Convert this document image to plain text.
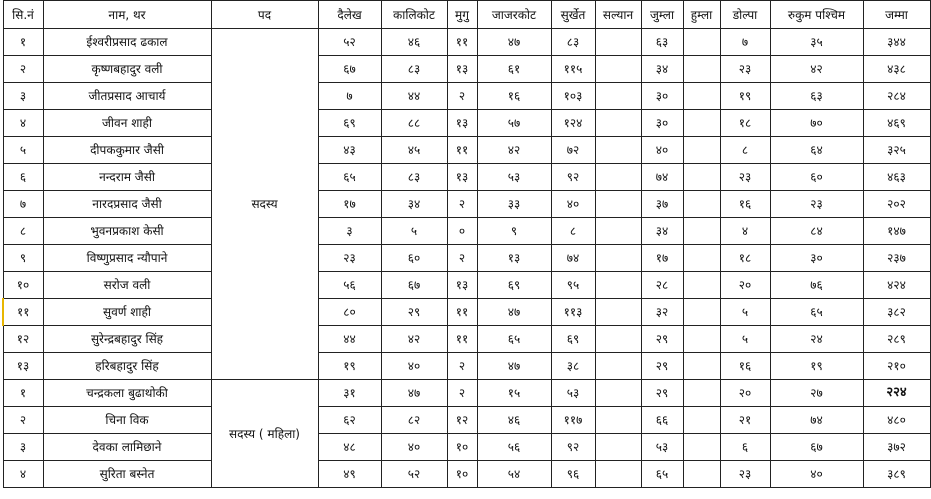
सि.नं	नाम, थर	पद	दैलेख	कालिकोट	मुगु	जाजरकोट	सुर्खेत	सल्यान	जुम्ला	हुम्ला	डोल्पा	रुकुम पश्चिम	जम्मा
१	ईश्वरीप्रसाद ढकाल	सदस्य	५२	४६	११	४७	८३		६३		७	३५	३४४
२	कृष्णबहादुर वली		६७	८३	१३	६१	११५		३४		२३	४२	४३८
३	जीतप्रसाद आचार्य		७	४४	२	१६	१०३		३०		१९	६३	२८४
४	जीवन शाही		६९	८८	१३	५७	१२४		३०		१८	७०	४६९
५	दीपककुमार जैसी		४३	४५	११	४२	७२		४०		८	६४	३२५
६	नन्दराम जैसी		६५	८३	१३	५३	९२		७४		२३	६०	४६३
७	नारदप्रसाद जैसी		१७	३४	२	३३	४०		३७		१६	२३	२०२
८	भुवनप्रकाश केसी		३	५	०	९	८		३४		४	८४	१४७
९	विष्णुप्रसाद न्यौपाने		२३	६०	२	१३	७४		१७		१८	३०	२३७
१०	सरोज वली		५६	६७	१३	६९	९५		२८		२०	७६	४२४
११	सुवर्ण शाही		८०	२९	११	४७	११३		३२		५	६५	३८२
१२	सुरेन्द्रबहादुर सिंह		४४	४२	११	६५	६९		२९		५	२४	२८९
१३	हरिबहादुर सिंह		१९	४०	२	४७	३८		२९		१६	१९	२१०
१	चन्द्रकला बुढाथोकी	सदस्य ( महिला)	३१	४७	२	१५	५३		२९		२०	२७	२२४
२	चिना विक		६२	८२	१२	४६	११७		६६		२१	७४	४८०
३	देवका लामिछाने		४८	४०	१०	५६	९२		५३		६	६७	३७२
४	सुरिता बस्नेत		४९	५२	१०	५४	९६		६५		२३	४०	३८९
